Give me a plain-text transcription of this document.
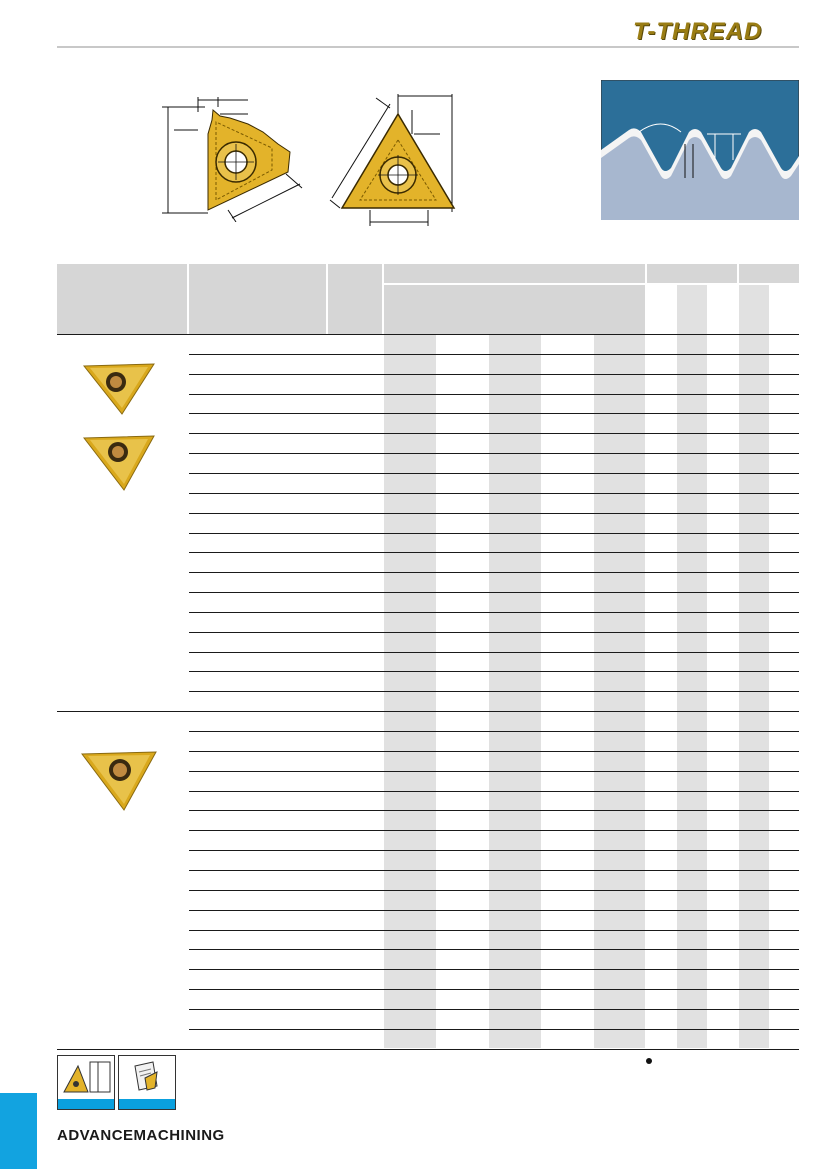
T-THREAD
ADVANCEMACHINING
